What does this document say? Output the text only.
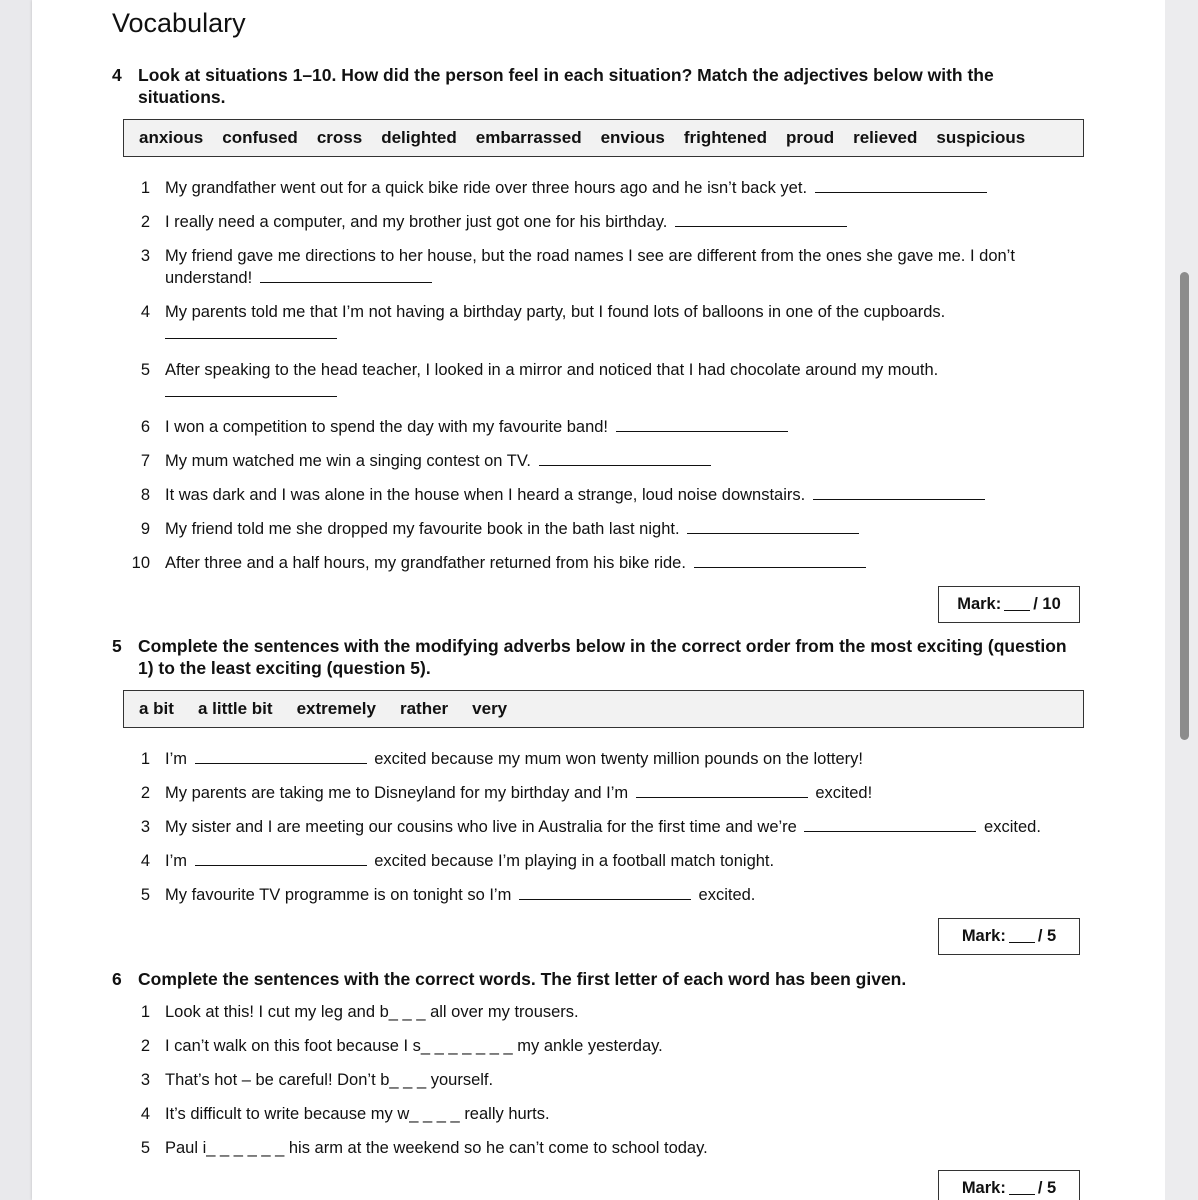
Vocabulary
4 Look at situations 1–10. How did the person feel in each situation? Match the adjectives below with the situations.
anxious confused cross delighted embarrassed envious frightened proud relieved suspicious
1 My grandfather went out for a quick bike ride over three hours ago and he isn’t back yet.
2 I really need a computer, and my brother just got one for his birthday.
3 My friend gave me directions to her house, but the road names I see are different from the ones she gave me. I don’t understand!
4 My parents told me that I’m not having a birthday party, but I found lots of balloons in one of the cupboards.

5 After speaking to the head teacher, I looked in a mirror and noticed that I had chocolate around my mouth.

6 I won a competition to spend the day with my favourite band!
7 My mum watched me win a singing contest on TV.
8 It was dark and I was alone in the house when I heard a strange, loud noise downstairs.
9 My friend told me she dropped my favourite book in the bath last night.
10 After three and a half hours, my grandfather returned from his bike ride.
Mark: / 10
5 Complete the sentences with the modifying adverbs below in the correct order from the most exciting (question 1) to the least exciting (question 5).
a bit a little bit extremely rather very
1 I’m	excited because my mum won twenty million pounds on the lottery!
2 My parents are taking me to Disneyland for my birthday and I’m	excited!
3 My sister and I are meeting our cousins who live in Australia for the first time and we’re	excited.
4 I’m	excited because I’m playing in a football match tonight.
5 My favourite TV programme is on tonight so I’m	excited.
Mark: / 5
6 Complete the sentences with the correct words. The first letter of each word has been given.
1 Look at this! I cut my leg and b_ _ _ all over my trousers.
2 I can’t walk on this foot because I s_ _ _ _ _ _ _ my ankle yesterday.
3 That’s hot – be careful! Don’t b_ _ _ yourself.
4 It’s difficult to write because my w_ _ _ _ really hurts.
5 Paul i_ _ _ _ _ _ his arm at the weekend so he can’t come to school today.
Mark: / 5
